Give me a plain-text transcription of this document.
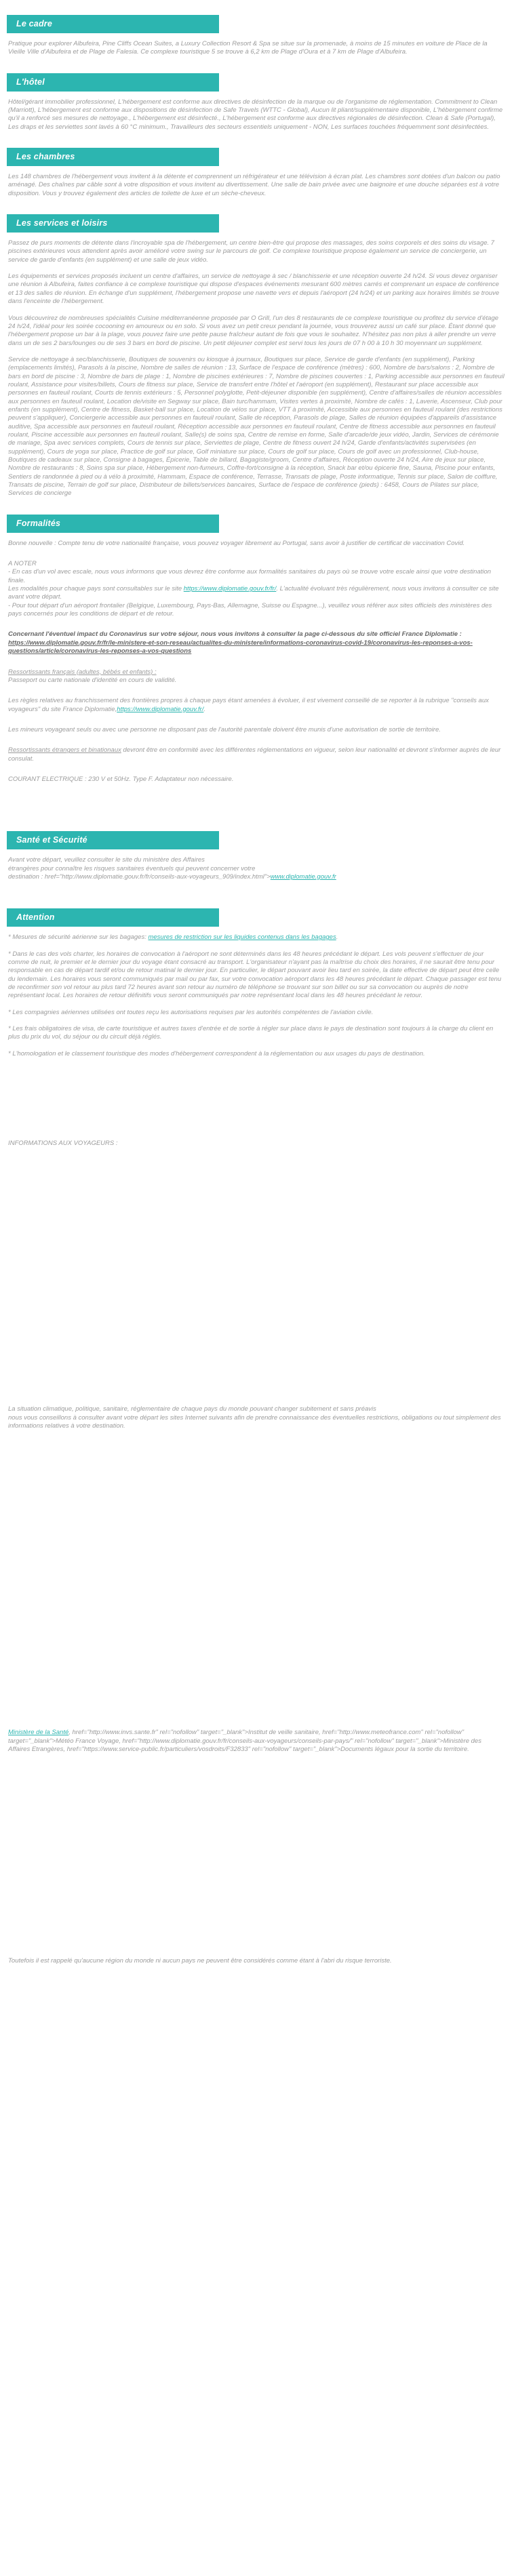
Le cadre

Pratique pour explorer Albufeira, Pine Cliffs Ocean Suites, a Luxury Collection Resort & Spa se situe sur la promenade, à moins de 15 minutes en voiture de Place de la Vieille Ville d'Albufeira et de Plage de Falesia. Ce complexe touristique 5 se trouve à 6,2 km de Plage d'Oura et à 7 km de Plage d'Albufeira.

L'hôtel

Hôtel/gérant immobilier professionnel, L'hébergement est conforme aux directives de désinfection de la marque ou de l'organisme de réglementation. Commitment to Clean (Marriott), L'hébergement est conforme aux dispositions de désinfection de Safe Travels (WTTC - Global), Aucun lit pliant/supplémentaire disponible, L'hébergement confirme qu'il a renforcé ses mesures de nettoyage., L'hébergement est désinfecté., L'hébergement est conforme aux directives régionales de désinfection. Clean & Safe (Portugal), Les draps et les serviettes sont lavés à 60 °C minimum., Travailleurs des secteurs essentiels uniquement - NON, Les surfaces touchées fréquemment sont désinfectées.

Les chambres

Les 148 chambres de l'hébergement vous invitent à la détente et comprennent un réfrigérateur et une télévision à écran plat. Les chambres sont dotées d'un balcon ou patio aménagé. Des chaînes par câble sont à votre disposition et vous invitent au divertissement. Une salle de bain privée avec une baignoire et une douche séparées est à votre disposition. Vous y trouvez également des articles de toilette de luxe et un sèche-cheveux.

Les services et loisirs

Passez de purs moments de détente dans l'incroyable spa de l'hébergement, un centre bien-être qui propose des massages, des soins corporels et des soins du visage. 7 piscines extérieures vous attendent après avoir amélioré votre swing sur le parcours de golf. Ce complexe touristique propose également un service de conciergerie, un service de garde d'enfants (en supplément) et une salle de jeux vidéo.

Les équipements et services proposés incluent un centre d'affaires, un service de nettoyage à sec / blanchisserie et une réception ouverte 24 h/24. Si vous devez organiser une réunion à Albufeira, faites confiance à ce complexe touristique qui dispose d'espaces événements mesurant 600 mètres carrés et comprenant un espace de conférence et 13 des salles de réunion. En échange d'un supplément, l'hébergement propose une navette vers et depuis l'aéroport (24 h/24) et un parking aux horaires limités se trouve dans l'enceinte de l'hébergement.

Vous découvrirez de nombreuses spécialités Cuisine méditerranéenne proposée par O Grill, l'un des 8 restaurants de ce complexe touristique ou profitez du service d'étage 24 h/24, l'idéal pour les soirée cocooning en amoureux ou en solo. Si vous avez un petit creux pendant la journée, vous trouverez aussi un café sur place. Étant donné que l'hébergement propose un bar à la plage, vous pouvez faire une petite pause fraîcheur autant de fois que vous le souhaitez. N'hésitez pas non plus à aller prendre un verre dans un de ses 2 bars/lounges ou de ses 3 bars en bord de piscine. Un petit déjeuner complet est servi tous les jours de 07 h 00 à 10 h 30 moyennant un supplément.

Service de nettoyage à sec/blanchisserie, Boutiques de souvenirs ou kiosque à journaux, Boutiques sur place, Service de garde d'enfants (en supplément), Parking (emplacements limités), Parasols à la piscine, Nombre de salles de réunion : 13, Surface de l'espace de conférence (mètres) : 600, Nombre de bars/salons : 2, Nombre de bars en bord de piscine : 3, Nombre de bars de plage : 1, Nombre de piscines extérieures : 7, Nombre de piscines couvertes : 1, Parking accessible aux personnes en fauteuil roulant, Assistance pour visites/billets, Cours de fitness sur place, Service de transfert entre l'hôtel et l'aéroport (en supplément), Restaurant sur place accessible aux personnes en fauteuil roulant, Courts de tennis extérieurs : 5, Personnel polyglotte, Petit-déjeuner disponible (en supplément), Centre d'affaires/salles de réunion accessibles aux personnes en fauteuil roulant, Location de/visite en Segway sur place, Bain turc/hammam, Visites vertes à proximité, Nombre de cafés : 1, Laverie, Ascenseur, Club pour enfants (en supplément), Centre de fitness, Basket-ball sur place, Location de vélos sur place, VTT à proximité, Accessible aux personnes en fauteuil roulant (des restrictions peuvent s'appliquer), Conciergerie accessible aux personnes en fauteuil roulant, Salle de réception, Parasols de plage, Salles de réunion équipées d'appareils d'assistance auditive, Spa accessible aux personnes en fauteuil roulant, Réception accessible aux personnes en fauteuil roulant, Centre de fitness accessible aux personnes en fauteuil roulant, Piscine accessible aux personnes en fauteuil roulant, Salle(s) de soins spa, Centre de remise en forme, Salle d'arcade/de jeux vidéo, Jardin, Services de cérémonie de mariage, Spa avec services complets, Cours de tennis sur place, Serviettes de plage, Centre de fitness ouvert 24 h/24, Garde d'enfants/activités supervisées (en supplément), Cours de yoga sur place, Practice de golf sur place, Golf miniature sur place, Cours de golf sur place, Cours de golf avec un professionnel, Club-house, Boutiques de cadeaux sur place, Consigne à bagages, Épicerie, Table de billard, Bagagiste/groom, Centre d'affaires, Réception ouverte 24 h/24, Aire de jeux sur place, Nombre de restaurants : 8, Soins spa sur place, Hébergement non-fumeurs, Coffre-fort/consigne à la réception, Snack bar et/ou épicerie fine, Sauna, Piscine pour enfants, Sentiers de randonnée à pied ou à vélo à proximité, Hammam, Espace de conférence, Terrasse, Transats de plage, Poste informatique, Tennis sur place, Salon de coiffure, Transats de piscine, Terrain de golf sur place, Distributeur de billets/services bancaires, Surface de l'espace de conférence (pieds) : 6458, Cours de Pilates sur place, Services de concierge

Formalités

Bonne nouvelle : Compte tenu de votre nationalité française, vous pouvez voyager librement au Portugal, sans avoir à justifier de certificat de vaccination Covid.

A NOTER

- En cas d'un vol avec escale, nous vous informons que vous devrez être conforme aux formalités sanitaires du pays où se trouve votre escale ainsi que votre destination finale.

Les modalités pour chaque pays sont consultables sur le site https://www.diplomatie.gouv.fr/fr/. L'actualité évoluant très régulièrement, nous vous invitons à consulter ce site avant votre départ.

- Pour tout départ d'un aéroport frontalier (Belgique, Luxembourg, Pays-Bas, Allemagne, Suisse ou Espagne...), veuillez vous référer aux sites officiels des ministères des pays concernés pour les conditions de départ et de retour.

Concernant l'éventuel impact du Coronavirus sur votre séjour, nous vous invitons à consulter la page ci-dessous du site officiel France Diplomatie :

https://www.diplomatie.gouv.fr/fr/le-ministere-et-son-reseau/actualites-du-ministere/informations-coronavirus-covid-19/coronavirus-les-reponses-a-vos-questions/article/coronavirus-les-reponses-a-vos-questions

Ressortissants français (adultes, bébés et enfants) :
Passeport ou carte nationale d'identité en cours de validité.

Les règles relatives au franchissement des frontières propres à chaque pays étant amenées à évoluer, il est vivement conseillé de se reporter à la rubrique "conseils aux voyageurs" du site France Diplomatie,https://www.diplomatie.gouv.fr/.

Les mineurs voyageant seuls ou avec une personne ne disposant pas de l'autorité parentale doivent être munis d'une autorisation de sortie de territoire.

Ressortissants étrangers et binationaux devront être en conformité avec les différentes réglementations en vigueur, selon leur nationalité et devront s'informer auprès de leur consulat.

COURANT ELECTRIQUE : 230 V et 50Hz. Type F. Adaptateur non nécessaire.

Santé et Sécurité

Avant votre départ, veuillez consulter le site du ministère des Affaires
étrangères pour connaître les risques sanitaires éventuels qui peuvent concerner votre
destination : href="http://www.diplomatie.gouv.fr/fr/conseils-aux-voyageurs_909/index.html">www.diplomatie.gouv.fr

Attention

* Mesures de sécurité aérienne sur les bagages: mesures de restriction sur les liquides contenus dans les bagages.

* Dans le cas des vols charter, les horaires de convocation à l'aéroport ne sont déterminés dans les 48 heures précédant le départ. Les vols peuvent s'effectuer de jour comme de nuit, le premier et le dernier jour du voyage étant consacré au transport. L'organisateur n'ayant pas la maîtrise du choix des horaires, il ne saurait être tenu pour responsable en cas de départ tardif et/ou de retour matinal le dernier jour. En particulier, le départ pouvant avoir lieu tard en soirée, la date effective de départ peut être celle du lendemain. Les horaires vous seront communiqués par mail ou par fax, sur votre convocation aéroport dans les 48 heures précédant le départ. Chaque passager est tenu de reconfirmer son vol retour au plus tard 72 heures avant son retour au numéro de téléphone se trouvant sur son billet ou sur sa convocation ou auprès de notre représentant local. Les horaires de retour définitifs vous seront communiqués par notre représentant local dans les 48 heures précédant le retour.

* Les compagnies aériennes utilisées ont toutes reçu les autorisations requises par les autorités compétentes de l'aviation civile.

* Les frais obligatoires de visa, de carte touristique et autres taxes d'entrée et de sortie à régler sur place dans le pays de destination sont toujours à la charge du client en plus du prix du vol, du séjour ou du circuit déjà réglés.

* L'homologation et le classement touristique des modes d'hébergement correspondent à la réglementation ou aux usages du pays de destination.

INFORMATIONS AUX VOYAGEURS :

La situation climatique, politique, sanitaire, réglementaire de chaque pays du monde pouvant changer subitement et sans préavis
nous vous conseillons à consulter avant votre départ les sites Internet suivants afin de prendre connaissance des éventuelles restrictions, obligations ou tout simplement des informations relatives à votre destination.

Ministère de la Santé, href="http://www.invs.sante.fr" rel="nofollow" target="_blank">Institut de veille sanitaire, href="http://www.meteofrance.com" rel="nofollow" target="_blank">Météo France Voyage, href="http://www.diplomatie.gouv.fr/fr/conseils-aux-voyageurs/conseils-par-pays/" rel="nofollow" target="_blank">Ministère des Affaires Etrangères, href="https://www.service-public.fr/particuliers/vosdroits/F32833" rel="nofollow" target="_blank">Documents légaux pour la sortie du territoire.

Toutefois il est rappelé qu'aucune région du monde ni aucun pays ne peuvent être considérés comme étant à l'abri du risque terroriste.
